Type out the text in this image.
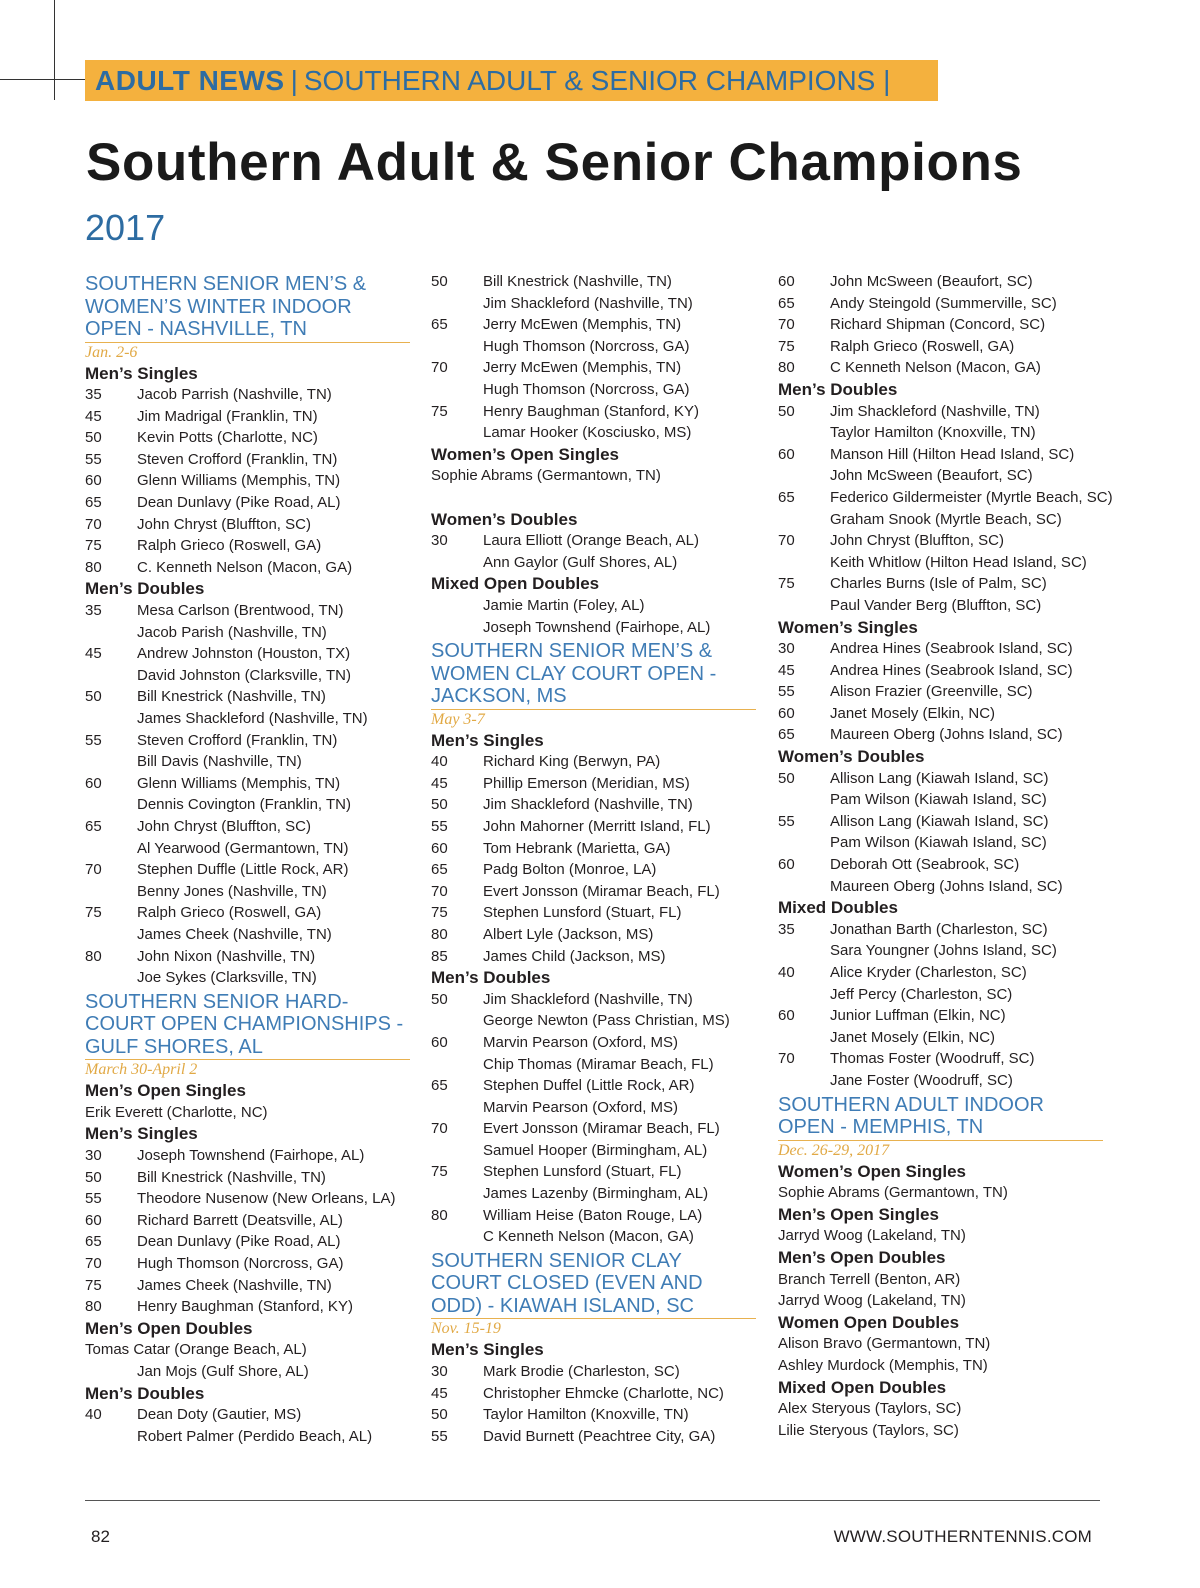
ADULT NEWS | SOUTHERN ADULT & SENIOR CHAMPIONS |
Southern Adult & Senior Champions
2017
SOUTHERN SENIOR MEN’S & WOMEN’S WINTER INDOOR OPEN - NASHVILLE, TN
Jan. 2-6
Men’s Singles
35	Jacob Parrish (Nashville, TN)
45	Jim Madrigal (Franklin, TN)
50	Kevin Potts (Charlotte, NC)
55	Steven Crofford (Franklin, TN)
60	Glenn Williams (Memphis, TN)
65	Dean Dunlavy (Pike Road, AL)
70	John Chryst (Bluffton, SC)
75	Ralph Grieco (Roswell, GA)
80	C. Kenneth Nelson (Macon, GA)
Men’s Doubles
35	Mesa Carlson (Brentwood, TN)
Jacob Parish (Nashville, TN)
45	Andrew Johnston (Houston, TX)
David Johnston (Clarksville, TN)
50	Bill Knestrick (Nashville, TN)
James Shackleford (Nashville, TN)
55	Steven Crofford (Franklin, TN)
Bill Davis (Nashville, TN)
60	Glenn Williams (Memphis, TN)
Dennis Covington (Franklin, TN)
65	John Chryst (Bluffton, SC)
Al Yearwood (Germantown, TN)
70	Stephen Duffle (Little Rock, AR)
Benny Jones (Nashville, TN)
75	Ralph Grieco (Roswell, GA)
James Cheek (Nashville, TN)
80	John Nixon (Nashville, TN)
Joe Sykes (Clarksville, TN)
SOUTHERN SENIOR HARD-COURT OPEN CHAMPIONSHIPS - GULF SHORES, AL
March 30-April 2
Men’s Open Singles
Erik Everett (Charlotte, NC)
Men’s Singles
30	Joseph Townshend (Fairhope, AL)
50	Bill Knestrick (Nashville, TN)
55	Theodore Nusenow (New Orleans, LA)
60	Richard Barrett (Deatsville, AL)
65	Dean Dunlavy (Pike Road, AL)
70	Hugh Thomson (Norcross, GA)
75	James Cheek (Nashville, TN)
80	Henry Baughman (Stanford, KY)
Men’s Open Doubles
Tomas Catar (Orange Beach, AL)
Jan Mojs (Gulf Shore, AL)
Men’s Doubles
40	Dean Doty (Gautier, MS)
Robert Palmer (Perdido Beach, AL)
50	Bill Knestrick (Nashville, TN)
Jim Shackleford (Nashville, TN)
65	Jerry McEwen (Memphis, TN)
Hugh Thomson (Norcross, GA)
70	Jerry McEwen (Memphis, TN)
Hugh Thomson (Norcross, GA)
75	Henry Baughman (Stanford, KY)
Lamar Hooker (Kosciusko, MS)
Women’s Open Singles
Sophie Abrams (Germantown, TN)
Women’s Doubles
30	Laura Elliott (Orange Beach, AL)
Ann Gaylor (Gulf Shores, AL)
Mixed Open Doubles
Jamie Martin (Foley, AL)
Joseph Townshend (Fairhope, AL)
SOUTHERN SENIOR MEN’S & WOMEN CLAY COURT OPEN - JACKSON, MS
May 3-7
Men’s Singles
40	Richard King (Berwyn, PA)
45	Phillip Emerson (Meridian, MS)
50	Jim Shackleford (Nashville, TN)
55	John Mahorner (Merritt Island, FL)
60	Tom Hebrank (Marietta, GA)
65	Padg Bolton (Monroe, LA)
70	Evert Jonsson (Miramar Beach, FL)
75	Stephen Lunsford (Stuart, FL)
80	Albert Lyle (Jackson, MS)
85	James Child (Jackson, MS)
Men’s Doubles
50	Jim Shackleford (Nashville, TN)
George Newton (Pass Christian, MS)
60	Marvin Pearson (Oxford, MS)
Chip Thomas (Miramar Beach, FL)
65	Stephen Duffel (Little Rock, AR)
Marvin Pearson (Oxford, MS)
70	Evert Jonsson (Miramar Beach, FL)
Samuel Hooper (Birmingham, AL)
75	Stephen Lunsford (Stuart, FL)
James Lazenby (Birmingham, AL)
80	William Heise (Baton Rouge, LA)
C Kenneth Nelson (Macon, GA)
SOUTHERN SENIOR CLAY COURT CLOSED (EVEN AND ODD) - KIAWAH ISLAND, SC
Nov. 15-19
Men’s Singles
30	Mark Brodie (Charleston, SC)
45	Christopher Ehmcke (Charlotte, NC)
50	Taylor Hamilton (Knoxville, TN)
55	David Burnett (Peachtree City, GA)
60	John McSween (Beaufort, SC)
65	Andy Steingold (Summerville, SC)
70	Richard Shipman (Concord, SC)
75	Ralph Grieco (Roswell, GA)
80	C Kenneth Nelson (Macon, GA)
Men’s Doubles
50	Jim Shackleford (Nashville, TN)
Taylor Hamilton (Knoxville, TN)
60	Manson Hill (Hilton Head Island, SC)
John McSween (Beaufort, SC)
65	Federico Gildermeister (Myrtle Beach, SC)
Graham Snook (Myrtle Beach, SC)
70	John Chryst (Bluffton, SC)
Keith Whitlow (Hilton Head Island, SC)
75	Charles Burns (Isle of Palm, SC)
Paul Vander Berg (Bluffton, SC)
Women’s Singles
30	Andrea Hines (Seabrook Island, SC)
45	Andrea Hines (Seabrook Island, SC)
55	Alison Frazier (Greenville, SC)
60	Janet Mosely (Elkin, NC)
65	Maureen Oberg (Johns Island, SC)
Women’s Doubles
50	Allison Lang (Kiawah Island, SC)
Pam Wilson (Kiawah Island, SC)
55	Allison Lang (Kiawah Island, SC)
Pam Wilson (Kiawah Island, SC)
60	Deborah Ott (Seabrook, SC)
Maureen Oberg (Johns Island, SC)
Mixed Doubles
35	Jonathan Barth (Charleston, SC)
Sara Youngner (Johns Island, SC)
40	Alice Kryder (Charleston, SC)
Jeff Percy (Charleston, SC)
60	Junior Luffman (Elkin, NC)
Janet Mosely (Elkin, NC)
70	Thomas Foster (Woodruff, SC)
Jane Foster (Woodruff, SC)
SOUTHERN ADULT INDOOR OPEN - MEMPHIS, TN
Dec. 26-29, 2017
Women’s Open Singles
Sophie Abrams (Germantown, TN)
Men’s Open Singles
Jarryd Woog (Lakeland, TN)
Men’s Open Doubles
Branch Terrell (Benton, AR)
Jarryd Woog (Lakeland, TN)
Women Open Doubles
Alison Bravo (Germantown, TN)
Ashley Murdock (Memphis, TN)
Mixed Open Doubles
Alex Steryous (Taylors, SC)
Lilie Steryous (Taylors, SC)
82	WWW.SOUTHERNTENNIS.COM
